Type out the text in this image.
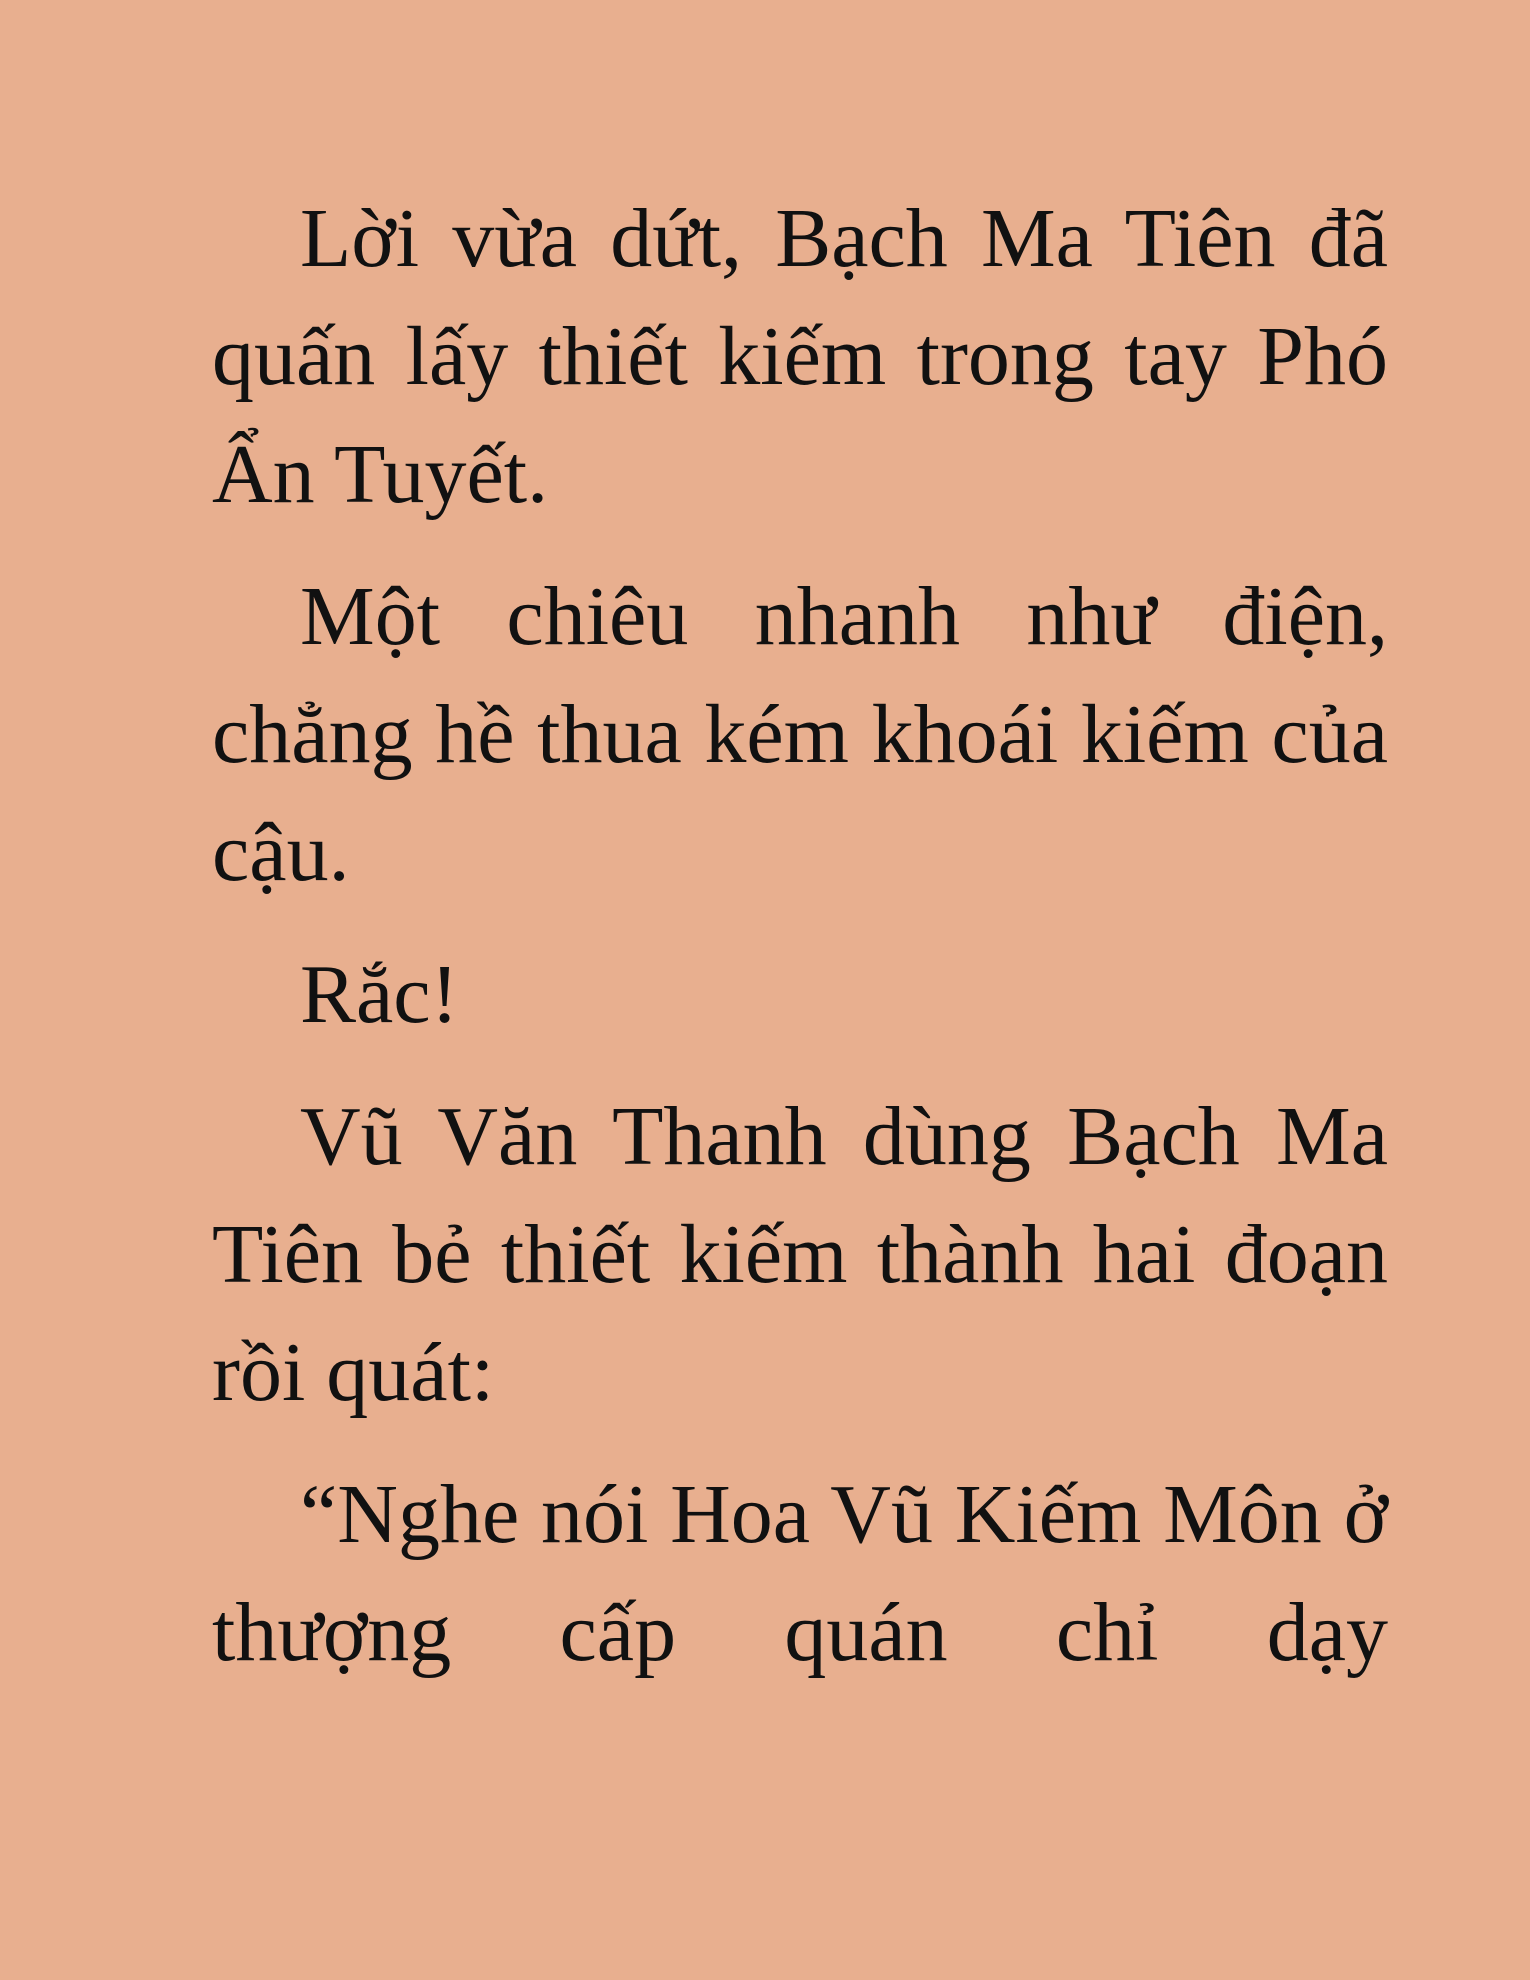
Lời vừa dứt, Bạch Ma Tiên đã quấn lấy thiết kiếm trong tay Phó Ẩn Tuyết.

Một chiêu nhanh như điện, chẳng hề thua kém khoái kiếm của cậu.

Rắc!

Vũ Văn Thanh dùng Bạch Ma Tiên bẻ thiết kiếm thành hai đoạn rồi quát:

“Nghe nói Hoa Vũ Kiếm Môn ở thượng cấp quán chỉ dạy
